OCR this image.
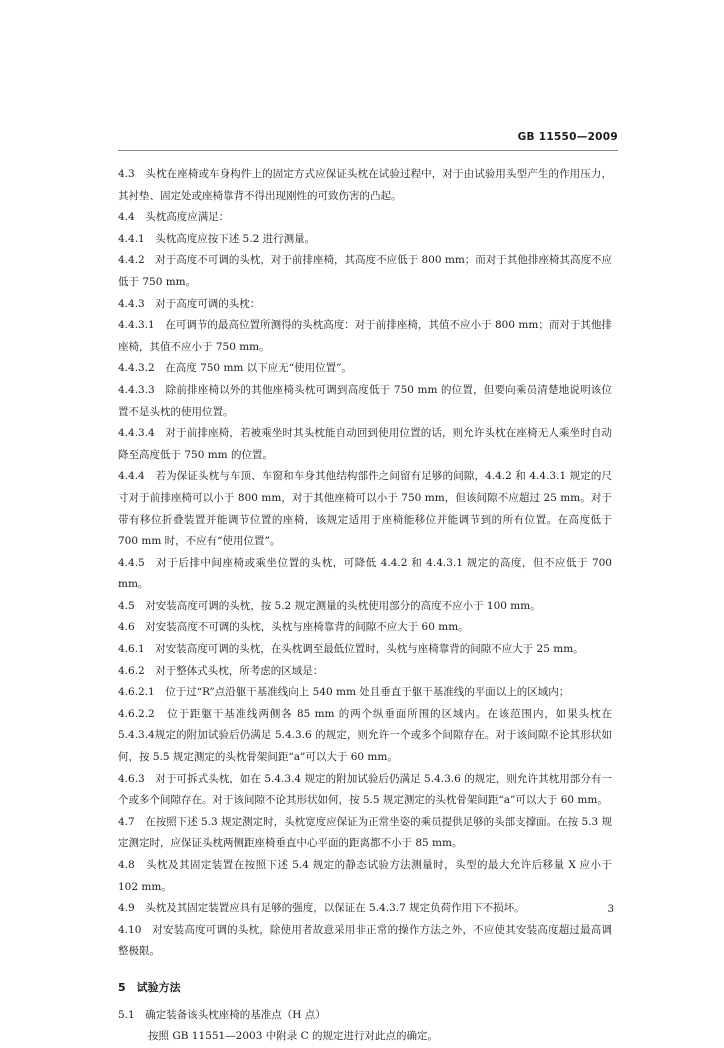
GB 11550—2009

4.3　头枕在座椅或车身构件上的固定方式应保证头枕在试验过程中，对于由试验用头型产生的作用压力，其衬垫、固定处或座椅靠背不得出现刚性的可致伤害的凸起。

4.4　头枕高度应满足：

4.4.1　头枕高度应按下述 5.2 进行测量。

4.4.2　对于高度不可调的头枕，对于前排座椅，其高度不应低于 800 mm；而对于其他排座椅其高度不应低于 750 mm。

4.4.3　对于高度可调的头枕：

4.4.3.1　在可调节的最高位置所测得的头枕高度：对于前排座椅，其值不应小于 800 mm；而对于其他排座椅，其值不应小于 750 mm。

4.4.3.2　在高度 750 mm 以下应无“使用位置”。

4.4.3.3　除前排座椅以外的其他座椅头枕可调到高度低于 750 mm 的位置，但要向乘员清楚地说明该位置不是头枕的使用位置。

4.4.3.4　对于前排座椅，若被乘坐时其头枕能自动回到使用位置的话，则允许头枕在座椅无人乘坐时自动降至高度低于 750 mm 的位置。

4.4.4　若为保证头枕与车顶、车窗和车身其他结构部件之间留有足够的间隙，4.4.2 和 4.4.3.1 规定的尺寸对于前排座椅可以小于 800 mm，对于其他座椅可以小于 750 mm，但该间隙不应超过 25 mm。对于带有移位折叠装置并能调节位置的座椅，该规定适用于座椅能移位并能调节到的所有位置。在高度低于 700 mm 时，不应有“使用位置”。

4.4.5　对于后排中间座椅或乘坐位置的头枕，可降低 4.4.2 和 4.4.3.1 规定的高度，但不应低于 700 mm。

4.5　对安装高度可调的头枕，按 5.2 规定测量的头枕使用部分的高度不应小于 100 mm。

4.6　对安装高度不可调的头枕，头枕与座椅靠背的间隙不应大于 60 mm。

4.6.1　对安装高度可调的头枕，在头枕调至最低位置时，头枕与座椅靠背的间隙不应大于 25 mm。

4.6.2　对于整体式头枕，所考虑的区域是：

4.6.2.1　位于过“R”点沿躯干基准线向上 540 mm 处且垂直于躯干基准线的平面以上的区域内；

4.6.2.2　位于距躯干基准线两侧各 85 mm 的两个纵垂面所围的区域内。在该范围内，如果头枕在 5.4.3.4规定的附加试验后仍满足 5.4.3.6 的规定，则允许一个或多个间隙存在。对于该间隙不论其形状如何，按 5.5 规定测定的头枕骨架间距“a”可以大于 60 mm。

4.6.3　对于可拆式头枕，如在 5.4.3.4 规定的附加试验后仍满足 5.4.3.6 的规定，则允许其枕用部分有一个或多个间隙存在。对于该间隙不论其形状如何，按 5.5 规定测定的头枕骨架间距“a”可以大于 60 mm。

4.7　在按照下述 5.3 规定测定时，头枕宽度应保证为正常坐姿的乘员提供足够的头部支撑面。在按 5.3 规定测定时，应保证头枕两侧距座椅垂直中心平面的距离都不小于 85 mm。

4.8　头枕及其固定装置在按照下述 5.4 规定的静态试验方法测量时，头型的最大允许后移量 X 应小于 102 mm。

4.9　头枕及其固定装置应具有足够的强度，以保证在 5.4.3.7 规定负荷作用下不损坏。

4.10　对安装高度可调的头枕，除使用者故意采用非正常的操作方法之外，不应使其安装高度超过最高调整极限。

5　试验方法

5.1　确定装备该头枕座椅的基准点（H 点）

按照 GB 11551—2003 中附录 C 的规定进行对此点的确定。

3
